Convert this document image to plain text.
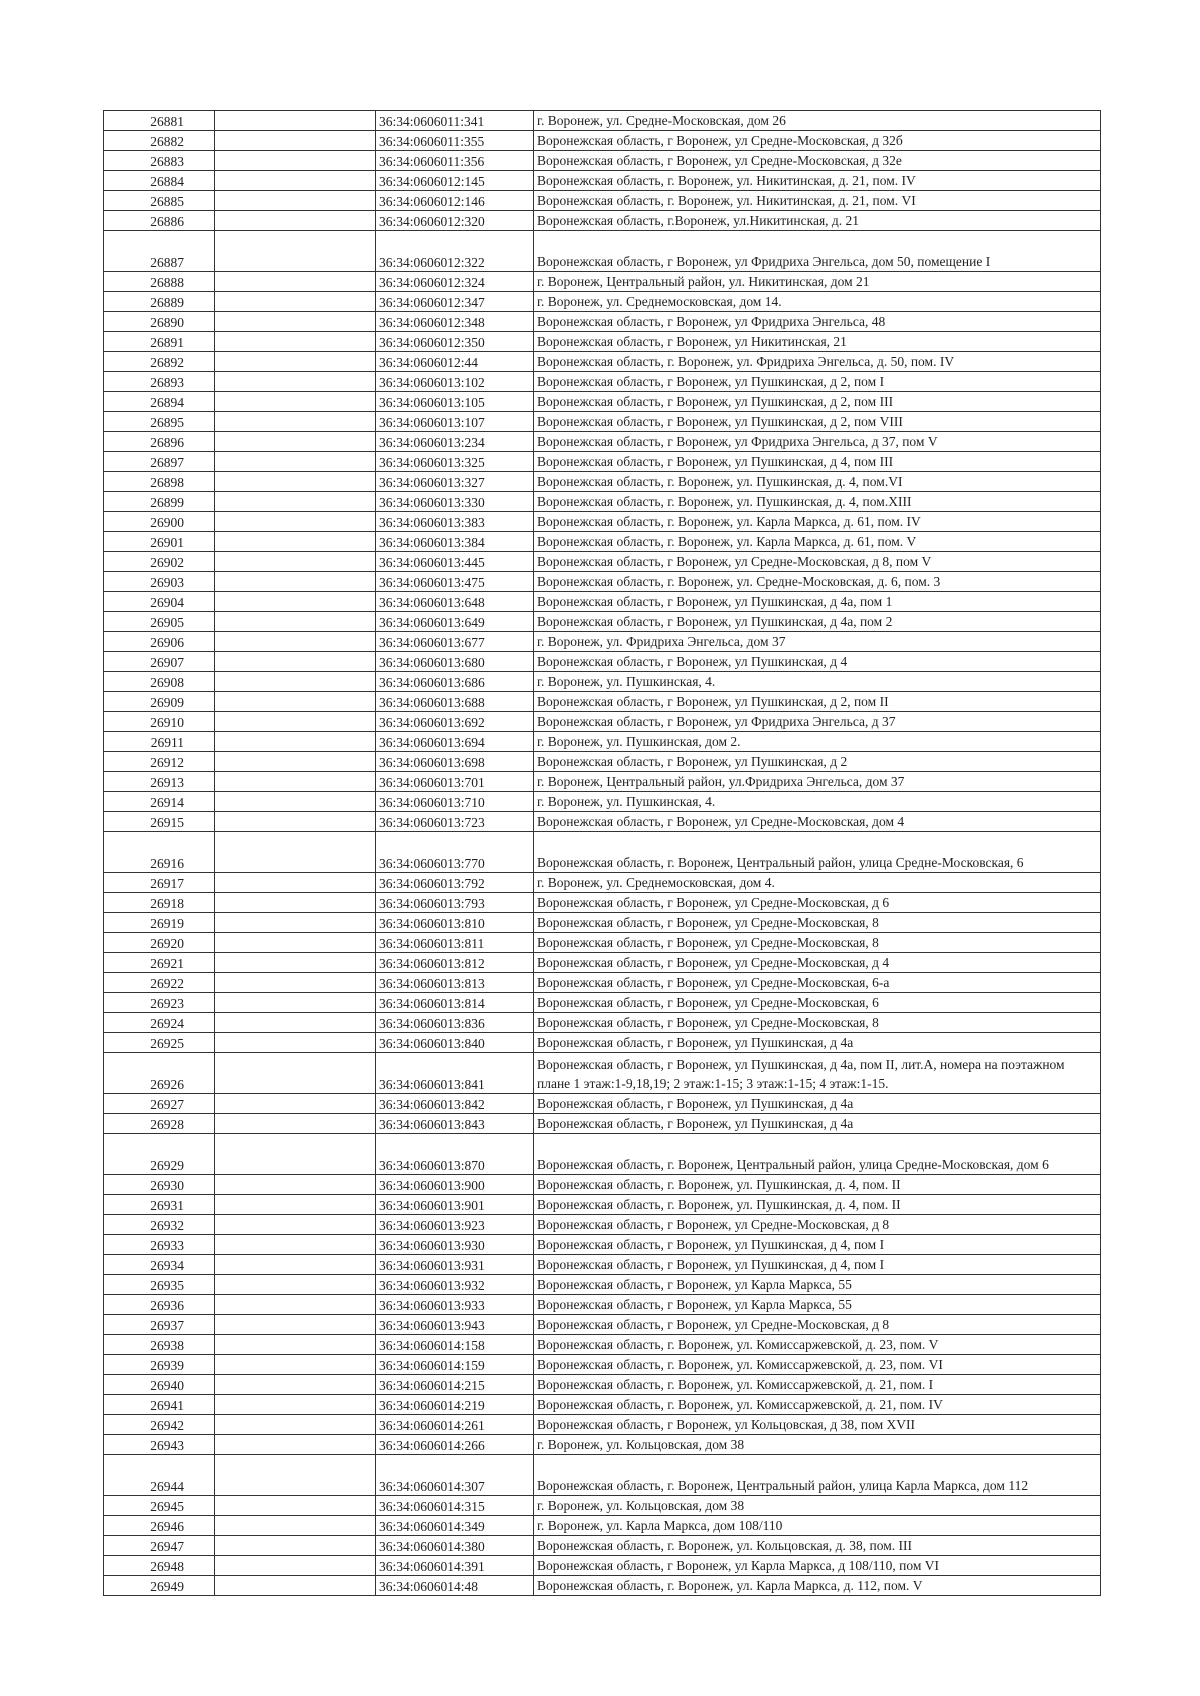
26881		36:34:0606011:341	г. Воронеж, ул. Средне-Московская, дом 26
26882		36:34:0606011:355	Воронежская область, г Воронеж, ул Средне-Московская, д 32б
26883		36:34:0606011:356	Воронежская область, г Воронеж, ул Средне-Московская, д 32е
26884		36:34:0606012:145	Воронежская область, г. Воронеж, ул. Никитинская, д. 21, пом. IV
26885		36:34:0606012:146	Воронежская область, г. Воронеж, ул. Никитинская, д. 21, пом. VI
26886		36:34:0606012:320	Воронежская область, г.Воронеж, ул.Никитинская, д. 21
26887		36:34:0606012:322	Воронежская область, г Воронеж, ул Фридриха Энгельса, дом 50, помещение I
26888		36:34:0606012:324	г. Воронеж, Центральный район, ул. Никитинская, дом 21
26889		36:34:0606012:347	г. Воронеж, ул. Среднемосковская, дом 14.
26890		36:34:0606012:348	Воронежская область, г Воронеж, ул Фридриха Энгельса, 48
26891		36:34:0606012:350	Воронежская область, г Воронеж, ул Никитинская, 21
26892		36:34:0606012:44	Воронежская область, г. Воронеж, ул. Фридриха Энгельса, д. 50, пом. IV
26893		36:34:0606013:102	Воронежская область, г Воронеж, ул Пушкинская, д 2, пом I
26894		36:34:0606013:105	Воронежская область, г Воронеж, ул Пушкинская, д 2, пом III
26895		36:34:0606013:107	Воронежская область, г Воронеж, ул Пушкинская, д 2, пом VIII
26896		36:34:0606013:234	Воронежская область, г Воронеж, ул Фридриха Энгельса, д 37, пом V
26897		36:34:0606013:325	Воронежская область, г Воронеж, ул Пушкинская, д 4, пом III
26898		36:34:0606013:327	Воронежская область, г. Воронеж, ул. Пушкинская, д. 4, пом.VI
26899		36:34:0606013:330	Воронежская область, г. Воронеж, ул. Пушкинская, д. 4, пом.XIII
26900		36:34:0606013:383	Воронежская область, г. Воронеж, ул. Карла Маркса, д. 61, пом. IV
26901		36:34:0606013:384	Воронежская область, г. Воронеж, ул. Карла Маркса, д. 61, пом. V
26902		36:34:0606013:445	Воронежская область, г Воронеж, ул Средне-Московская, д 8, пом V
26903		36:34:0606013:475	Воронежская область, г. Воронеж, ул. Средне-Московская, д. 6, пом. 3
26904		36:34:0606013:648	Воронежская область, г Воронеж, ул Пушкинская, д 4а, пом 1
26905		36:34:0606013:649	Воронежская область, г Воронеж, ул Пушкинская, д 4а, пом 2
26906		36:34:0606013:677	г. Воронеж, ул. Фридриха Энгельса, дом 37
26907		36:34:0606013:680	Воронежская область, г Воронеж, ул Пушкинская, д 4
26908		36:34:0606013:686	г. Воронеж, ул. Пушкинская, 4.
26909		36:34:0606013:688	Воронежская область, г Воронеж, ул Пушкинская, д 2, пом II
26910		36:34:0606013:692	Воронежская область, г Воронеж, ул Фридриха Энгельса, д 37
26911		36:34:0606013:694	г. Воронеж, ул. Пушкинская, дом 2.
26912		36:34:0606013:698	Воронежская область, г Воронеж, ул Пушкинская, д 2
26913		36:34:0606013:701	г. Воронеж, Центральный район, ул.Фридриха Энгельса, дом 37
26914		36:34:0606013:710	г. Воронеж, ул. Пушкинская, 4.
26915		36:34:0606013:723	Воронежская область, г Воронеж, ул Средне-Московская, дом 4
26916		36:34:0606013:770	Воронежская область, г. Воронеж, Центральный район, улица Средне-Московская, 6
26917		36:34:0606013:792	г. Воронеж, ул. Среднемосковская, дом 4.
26918		36:34:0606013:793	Воронежская область, г Воронеж, ул Средне-Московская, д 6
26919		36:34:0606013:810	Воронежская область, г Воронеж, ул Средне-Московская, 8
26920		36:34:0606013:811	Воронежская область, г Воронеж, ул Средне-Московская, 8
26921		36:34:0606013:812	Воронежская область, г Воронеж, ул Средне-Московская, д 4
26922		36:34:0606013:813	Воронежская область, г Воронеж, ул Средне-Московская, 6-а
26923		36:34:0606013:814	Воронежская область, г Воронеж, ул Средне-Московская, 6
26924		36:34:0606013:836	Воронежская область, г Воронеж, ул Средне-Московская, 8
26925		36:34:0606013:840	Воронежская область, г Воронеж, ул Пушкинская, д 4а
26926		36:34:0606013:841	Воронежская область, г Воронеж, ул Пушкинская, д 4а, пом II, лит.А, номера на поэтажном плане 1 этаж:1-9,18,19; 2 этаж:1-15; 3 этаж:1-15; 4 этаж:1-15.
26927		36:34:0606013:842	Воронежская область, г Воронеж, ул Пушкинская, д 4а
26928		36:34:0606013:843	Воронежская область, г Воронеж, ул Пушкинская, д 4а
26929		36:34:0606013:870	Воронежская область, г. Воронеж, Центральный район, улица Средне-Московская, дом 6
26930		36:34:0606013:900	Воронежская область, г. Воронеж, ул. Пушкинская, д. 4, пом. II
26931		36:34:0606013:901	Воронежская область, г. Воронеж, ул. Пушкинская, д. 4, пом. II
26932		36:34:0606013:923	Воронежская область, г Воронеж, ул Средне-Московская, д 8
26933		36:34:0606013:930	Воронежская область, г Воронеж, ул Пушкинская, д 4, пом I
26934		36:34:0606013:931	Воронежская область, г Воронеж, ул Пушкинская, д 4, пом I
26935		36:34:0606013:932	Воронежская область, г Воронеж, ул Карла Маркса, 55
26936		36:34:0606013:933	Воронежская область, г Воронеж, ул Карла Маркса, 55
26937		36:34:0606013:943	Воронежская область, г Воронеж, ул Средне-Московская, д 8
26938		36:34:0606014:158	Воронежская область, г. Воронеж, ул. Комиссаржевской, д. 23, пом. V
26939		36:34:0606014:159	Воронежская область, г. Воронеж, ул. Комиссаржевской, д. 23, пом. VI
26940		36:34:0606014:215	Воронежская область, г. Воронеж, ул. Комиссаржевской, д. 21, пом. I
26941		36:34:0606014:219	Воронежская область, г. Воронеж, ул. Комиссаржевской, д. 21, пом. IV
26942		36:34:0606014:261	Воронежская область, г Воронеж, ул Кольцовская, д 38, пом XVII
26943		36:34:0606014:266	г. Воронеж, ул. Кольцовская, дом 38
26944		36:34:0606014:307	Воронежская область, г. Воронеж, Центральный район, улица Карла Маркса, дом 112
26945		36:34:0606014:315	г. Воронеж, ул. Кольцовская, дом 38
26946		36:34:0606014:349	г. Воронеж, ул. Карла Маркса, дом 108/110
26947		36:34:0606014:380	Воронежская область, г. Воронеж, ул. Кольцовская, д. 38, пом. III
26948		36:34:0606014:391	Воронежская область, г Воронеж, ул Карла Маркса, д 108/110, пом VI
26949		36:34:0606014:48	Воронежская область, г. Воронеж, ул. Карла Маркса, д. 112, пом. V
